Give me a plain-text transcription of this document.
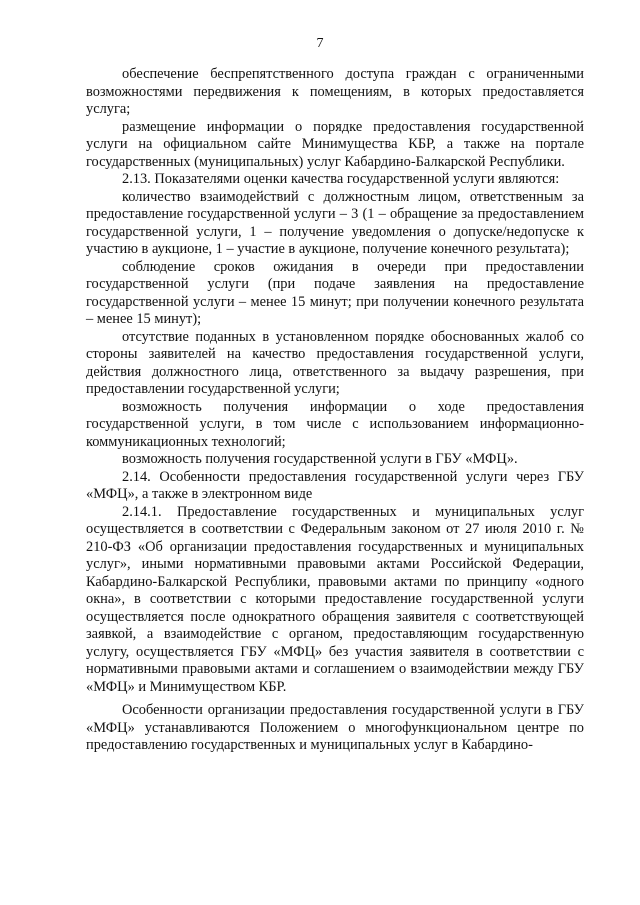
7

обеспечение беспрепятственного доступа граждан с ограниченными возможностями передвижения к помещениям, в которых предоставляется услуга;

размещение информации о порядке предоставления государственной услуги на официальном сайте Минимущества КБР, а также на портале государственных (муниципальных) услуг Кабардино-Балкарской Республики.

2.13. Показателями оценки качества государственной услуги являются:

количество взаимодействий с должностным лицом, ответственным за предоставление государственной услуги – 3 (1 – обращение за предоставлением государственной услуги, 1 – получение уведомления о допуске/недопуске к участию в аукционе, 1 – участие в аукционе, получение конечного результата);

соблюдение сроков ожидания в очереди при предоставлении государственной услуги (при подаче заявления на предоставление государственной услуги – менее 15 минут; при получении конечного результата – менее 15 минут);

отсутствие поданных в установленном порядке обоснованных жалоб со стороны заявителей на качество предоставления государственной услуги, действия должностного лица, ответственного за выдачу разрешения, при предоставлении государственной услуги;

возможность получения информации о ходе предоставления государственной услуги, в том числе с использованием информационно-коммуникационных технологий;

возможность получения государственной услуги в ГБУ «МФЦ».

2.14. Особенности предоставления государственной услуги через ГБУ «МФЦ», а также в электронном виде

2.14.1. Предоставление государственных и муниципальных услуг осуществляется в соответствии с Федеральным законом от 27 июля 2010 г. № 210-ФЗ «Об организации предоставления государственных и муниципальных услуг», иными нормативными правовыми актами Российской Федерации, Кабардино-Балкарской Республики, правовыми актами по принципу «одного окна», в соответствии с которыми предоставление государственной услуги осуществляется после однократного обращения заявителя с соответствующей заявкой, а взаимодействие с органом, предоставляющим государственную услугу, осуществляется ГБУ «МФЦ» без участия заявителя в соответствии с нормативными правовыми актами и соглашением о взаимодействии между ГБУ «МФЦ» и Минимуществом КБР.

Особенности организации предоставления государственной услуги в ГБУ «МФЦ» устанавливаются Положением о многофункциональном центре по предоставлению государственных и муниципальных услуг в Кабардино-
